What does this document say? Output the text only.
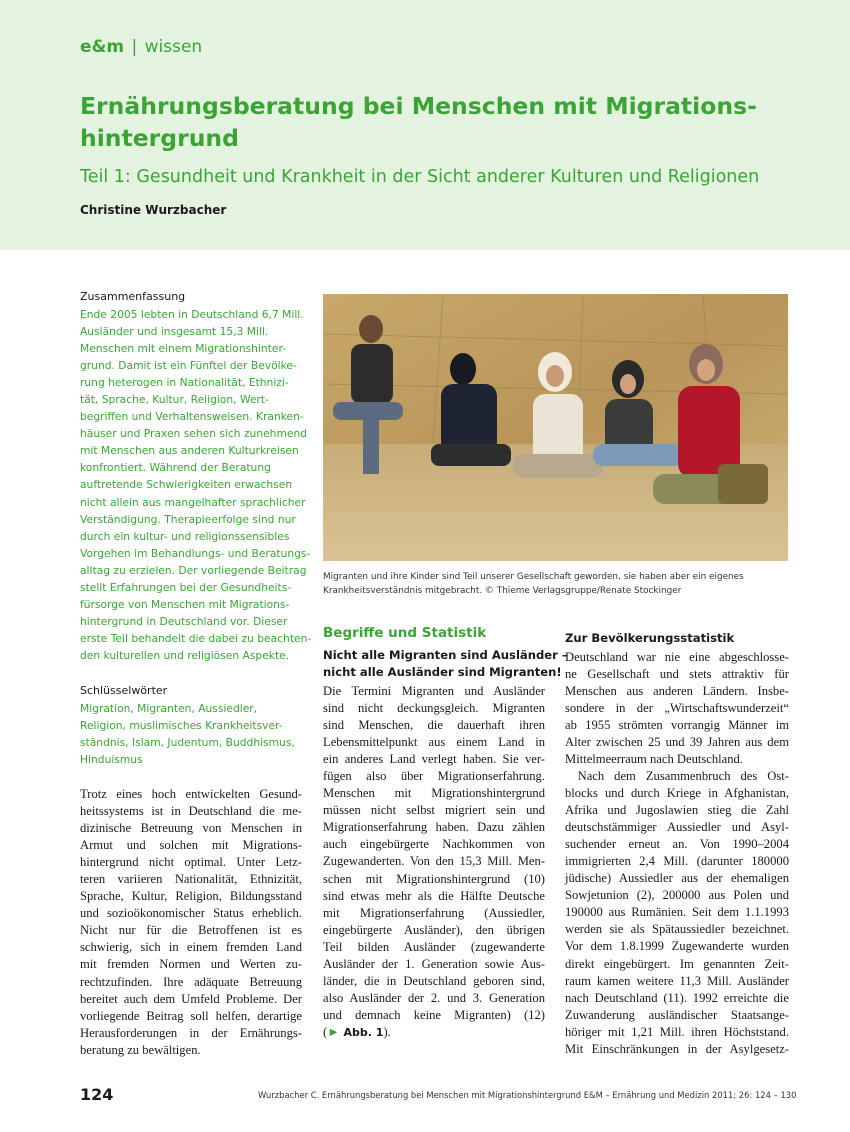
e&m | wissen
Ernährungsberatung bei Menschen mit Migrations-
hintergrund
Teil 1: Gesundheit und Krankheit in der Sicht anderer Kulturen und Religionen
Christine Wurzbacher
Zusammenfassung
Ende 2005 lebten in Deutschland 6,7 Mill.
Ausländer und insgesamt 15,3 Mill.
Menschen mit einem Migrationshinter-
grund. Damit ist ein Fünftel der Bevölke-
rung heterogen in Nationalität, Ethnizi-
tät, Sprache, Kultur, Religion, Wert-
begriffen und Verhaltensweisen. Kranken-
häuser und Praxen sehen sich zunehmend
mit Menschen aus anderen Kulturkreisen
konfrontiert. Während der Beratung
auftretende Schwierigkeiten erwachsen
nicht allein aus mangelhafter sprachlicher
Verständigung. Therapieerfolge sind nur
durch ein kultur- und religionssensibles
Vorgehen im Behandlungs- und Beratungs-
alltag zu erzielen. Der vorliegende Beitrag
stellt Erfahrungen bei der Gesundheits-
fürsorge von Menschen mit Migrations-
hintergrund in Deutschland vor. Dieser
erste Teil behandelt die dabei zu beachten-
den kulturellen und religiösen Aspekte.
Schlüsselwörter
Migration, Migranten, Aussiedler,
Religion, muslimisches Krankheitsver-
ständnis, Islam, Judentum, Buddhismus,
Hinduismus
Trotz eines hoch entwickelten Gesund-
heitssystems ist in Deutschland die me-
dizinische Betreuung von Menschen in
Armut und solchen mit Migrations-
hintergrund nicht optimal. Unter Letz-
teren variieren Nationalität, Ethnizität,
Sprache, Kultur, Religion, Bildungsstand
und sozioökonomischer Status erheblich.
Nicht nur für die Betroffenen ist es
schwierig, sich in einem fremden Land
mit fremden Normen und Werten zu-
rechtzufinden. Ihre adäquate Betreuung
bereitet auch dem Umfeld Probleme. Der
vorliegende Beitrag soll helfen, derartige
Herausforderungen in der Ernährungs-
beratung zu bewältigen.
Migranten und ihre Kinder sind Teil unserer Gesellschaft geworden, sie haben aber ein eigenes
Krankheitsverständnis mitgebracht. © Thieme Verlagsgruppe/Renate Stockinger
Begriffe und Statistik
Nicht alle Migranten sind Ausländer –
nicht alle Ausländer sind Migranten!
Die Termini Migranten und Ausländer
sind nicht deckungsgleich. Migranten
sind Menschen, die dauerhaft ihren
Lebensmittelpunkt aus einem Land in
ein anderes Land verlegt haben. Sie ver-
fügen also über Migrationserfahrung.
Menschen mit Migrationshintergrund
müssen nicht selbst migriert sein und
Migrationserfahrung haben. Dazu zählen
auch eingebürgerte Nachkommen von
Zugewanderten. Von den 15,3 Mill. Men-
schen mit Migrationshintergrund (10)
sind etwas mehr als die Hälfte Deutsche
mit Migrationserfahrung (Aussiedler,
eingebürgerte Ausländer), den übrigen
Teil bilden Ausländer (zugewanderte
Ausländer der 1. Generation sowie Aus-
länder, die in Deutschland geboren sind,
also Ausländer der 2. und 3. Generation
und demnach keine Migranten) (12)
(► Abb. 1).
Zur Bevölkerungsstatistik
Deutschland war nie eine abgeschlosse-
ne Gesellschaft und stets attraktiv für
Menschen aus anderen Ländern. Insbe-
sondere in der „Wirtschaftswunderzeit“
ab 1955 strömten vorrangig Männer im
Alter zwischen 25 und 39 Jahren aus dem
Mittelmeerraum nach Deutschland.
Nach dem Zusammenbruch des Ost-
blocks und durch Kriege in Afghanistan,
Afrika und Jugoslawien stieg die Zahl
deutschstämmiger Aussiedler und Asyl-
suchender erneut an. Von 1990–2004
immigrierten 2,4 Mill. (darunter 180000
jüdische) Aussiedler aus der ehemaligen
Sowjetunion (2), 200000 aus Polen und
190000 aus Rumänien. Seit dem 1.1.1993
werden sie als Spätaussiedler bezeichnet.
Vor dem 1.8.1999 Zugewanderte wurden
direkt eingebürgert. Im genannten Zeit-
raum kamen weitere 11,3 Mill. Ausländer
nach Deutschland (11). 1992 erreichte die
Zuwanderung ausländischer Staatsange-
höriger mit 1,21 Mill. ihren Höchststand.
Mit Einschränkungen in der Asylgesetz-
124	Wurzbacher C. Ernährungsberatung bei Menschen mit Migrationshintergrund E&M – Ernährung und Medizin 2011; 26: 124 – 130
